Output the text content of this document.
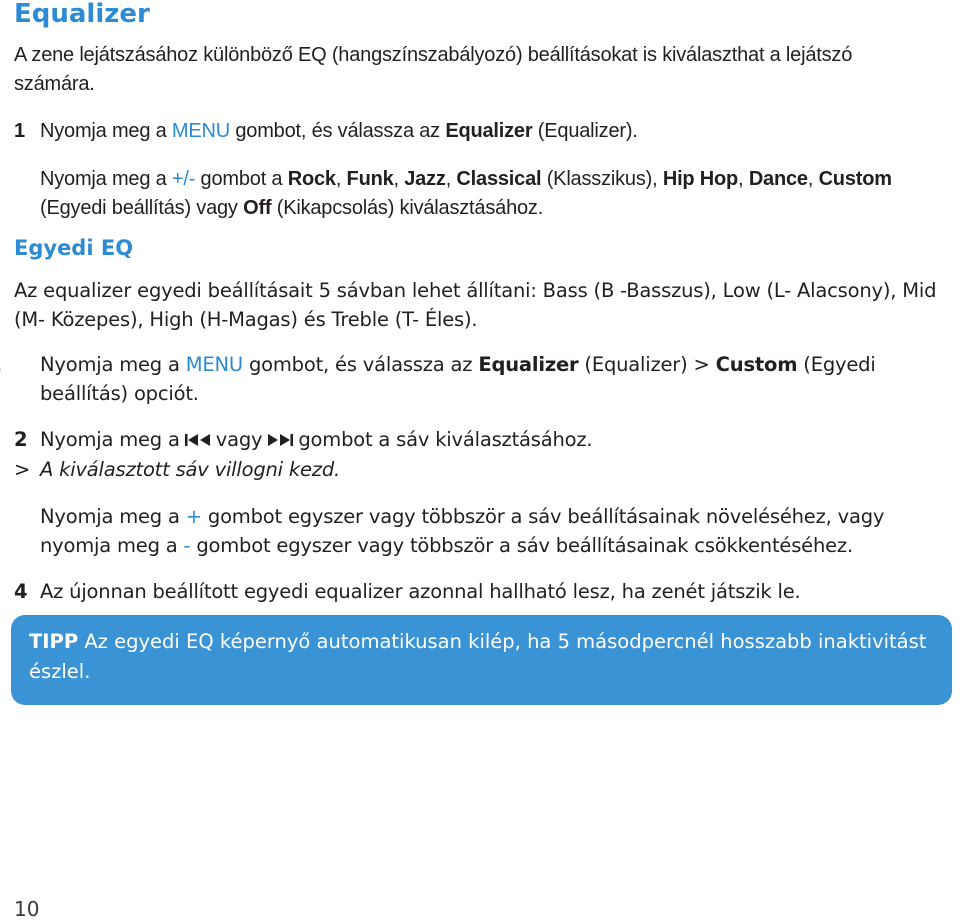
Equalizer

A zene lejátszásához különböző EQ (hangszínszabályozó) beállításokat is kiválaszthat a lejátszó számára.

1 Nyomja meg a MENU gombot, és válassza az Equalizer (Equalizer).

Nyomja meg a +/- gombot a Rock, Funk, Jazz, Classical (Klasszikus), Hip Hop, Dance, Custom (Egyedi beállítás) vagy Off (Kikapcsolás) kiválasztásához.

Egyedi EQ

Az equalizer egyedi beállításait 5 sávban lehet állítani: Bass (B -Basszus), Low (L- Alacsony), Mid (M- Közepes), High (H-Magas) és Treble (T- Éles).

Nyomja meg a MENU gombot, és válassza az Equalizer (Equalizer) > Custom (Egyedi beállítás) opciót.

2 Nyomja meg a vagy gombot a sáv kiválasztásához.

> A kiválasztott sáv villogni kezd.

Nyomja meg a + gombot egyszer vagy többször a sáv beállításainak növeléséhez, vagy nyomja meg a - gombot egyszer vagy többször a sáv beállításainak csökkentéséhez.

4 Az újonnan beállított egyedi equalizer azonnal hallható lesz, ha zenét játszik le.

TIPP Az egyedi EQ képernyő automatikusan kilép, ha 5 másodpercnél hosszabb inaktivitást észlel.

10
